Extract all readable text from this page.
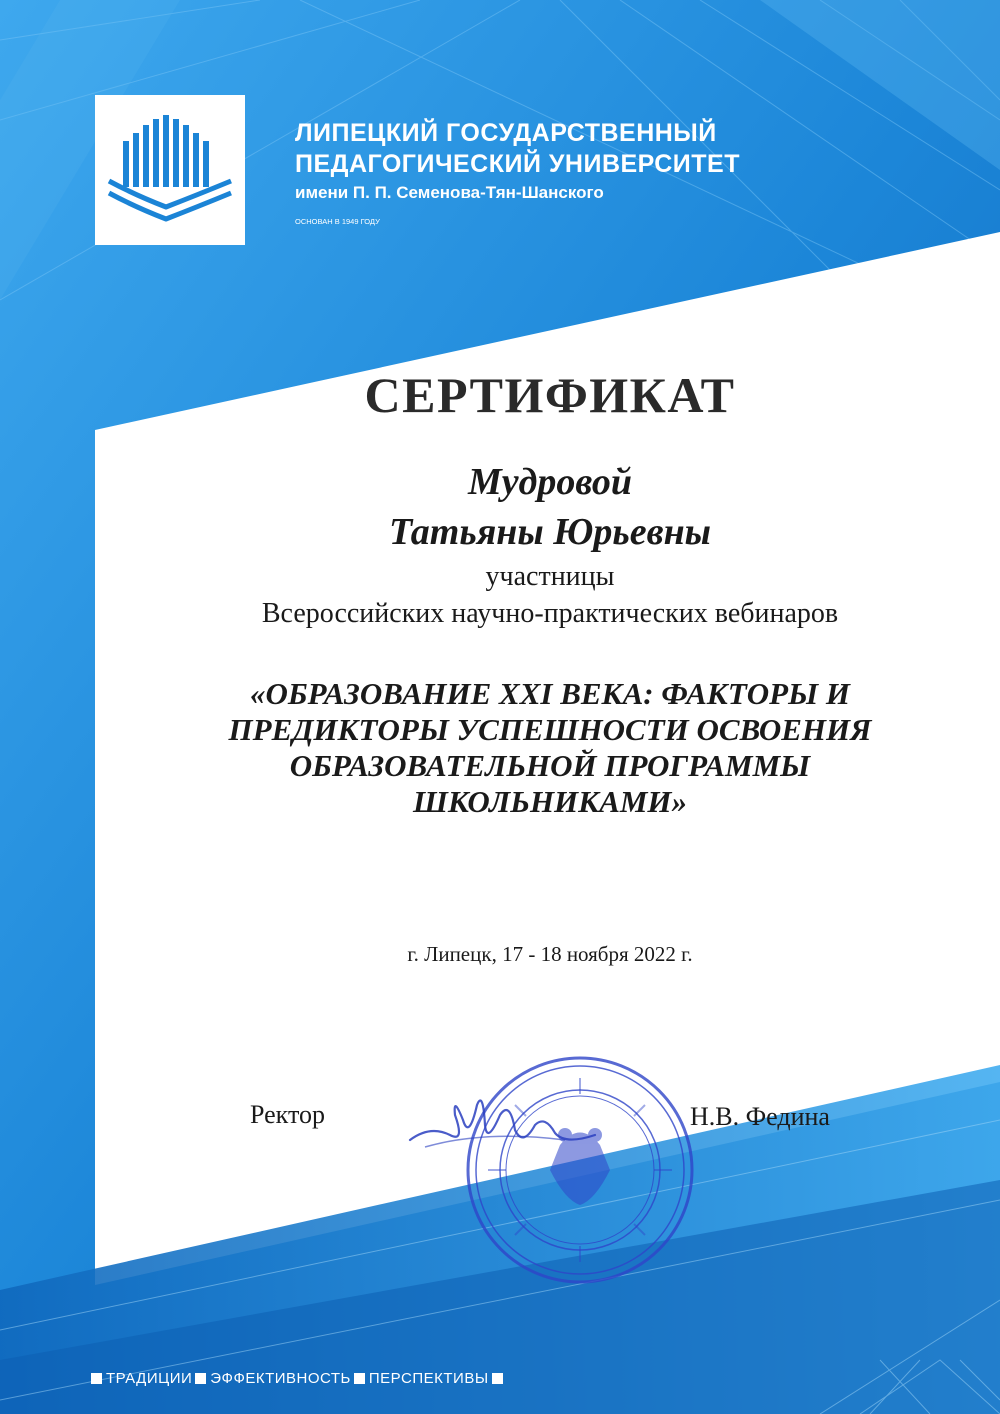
ЛИПЕЦКИЙ ГОСУДАРСТВЕННЫЙ
ПЕДАГОГИЧЕСКИЙ УНИВЕРСИТЕТ
имени П. П. Семенова-Тян-Шанского
ОСНОВАН В 1949 ГОДУ
СЕРТИФИКАТ
Мудровой
Татьяны Юрьевны
участницы
Всероссийских научно-практических вебинаров
«ОБРАЗОВАНИЕ XXI ВЕКА: ФАКТОРЫ И
ПРЕДИКТОРЫ УСПЕШНОСТИ ОСВОЕНИЯ
ОБРАЗОВАТЕЛЬНОЙ ПРОГРАММЫ
ШКОЛЬНИКАМИ»
г. Липецк, 17 - 18 ноября 2022 г.
Ректор	Н.В. Федина
ТРАДИЦИИ ЭФФЕКТИВНОСТЬ ПЕРСПЕКТИВЫ
